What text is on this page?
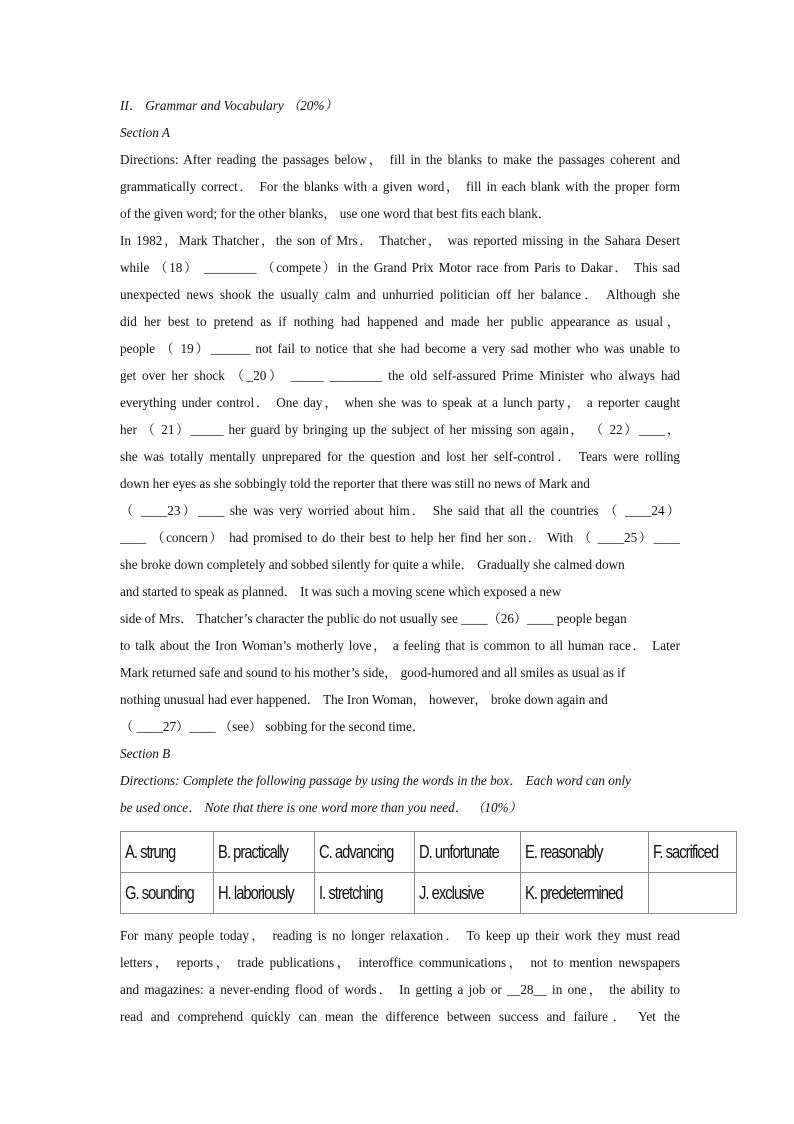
II． Grammar and Vocabulary （20%）
Section A
Directions: After reading the passages below， fill in the blanks to make the passages coherent and
grammatically correct． For the blanks with a given word， fill in each blank with the proper form
of the given word; for the other blanks， use one word that best fits each blank．
In 1982，Mark Thatcher，the son of Mrs． Thatcher， was reported missing in the Sahara Desert
while （18） ________ （compete）in the Grand Prix Motor race from Paris to Dakar． This sad
unexpected news shook the usually calm and unhurried politician off her balance． Although she
did her best to pretend as if nothing had happened and made her public appearance as usual，
people （ 19）______ not fail to notice that she had become a very sad mother who was unable to
get over her shock （_20） _____ ________ the old self-assured Prime Minister who always had
everything under control． One day， when she was to speak at a lunch party， a reporter caught
her （ 21）_____ her guard by bringing up the subject of her missing son again， （ 22）____，
she was totally mentally unprepared for the question and lost her self-control． Tears were rolling
down her eyes as she sobbingly told the reporter that there was still no news of Mark and
（ ____23）____ she was very worried about him． She said that all the countries （ ____24）
____ （concern） had promised to do their best to help her find her son． With （ ____25）____
she broke down completely and sobbed silently for quite a while． Gradually she calmed down
and started to speak as planned． It was such a moving scene which exposed a new
side of Mrs． Thatcher’s character the public do not usually see ____（26）____ people began
to talk about the Iron Woman’s motherly love， a feeling that is common to all human race． Later
Mark returned safe and sound to his mother’s side， good-humored and all smiles as usual as if
nothing unusual had ever happened． The Iron Woman， however， broke down again and
（ ____27）____ （see） sobbing for the second time．
Section B
Directions: Complete the following passage by using the words in the box． Each word can only
be used once． Note that there is one word more than you need． （10%）
A. strung	B. practically	C. advancing	D. unfortunate	E. reasonably	F. sacrificed
G. sounding	H. laboriously	I. stretching	J. exclusive	K. predetermined	
For many people today， reading is no longer relaxation． To keep up their work they must read
letters， reports， trade publications， interoffice communications， not to mention newspapers
and magazines: a never-ending flood of words． In getting a job or __28__ in one， the ability to
read and comprehend quickly can mean the difference between success and failure． Yet the
